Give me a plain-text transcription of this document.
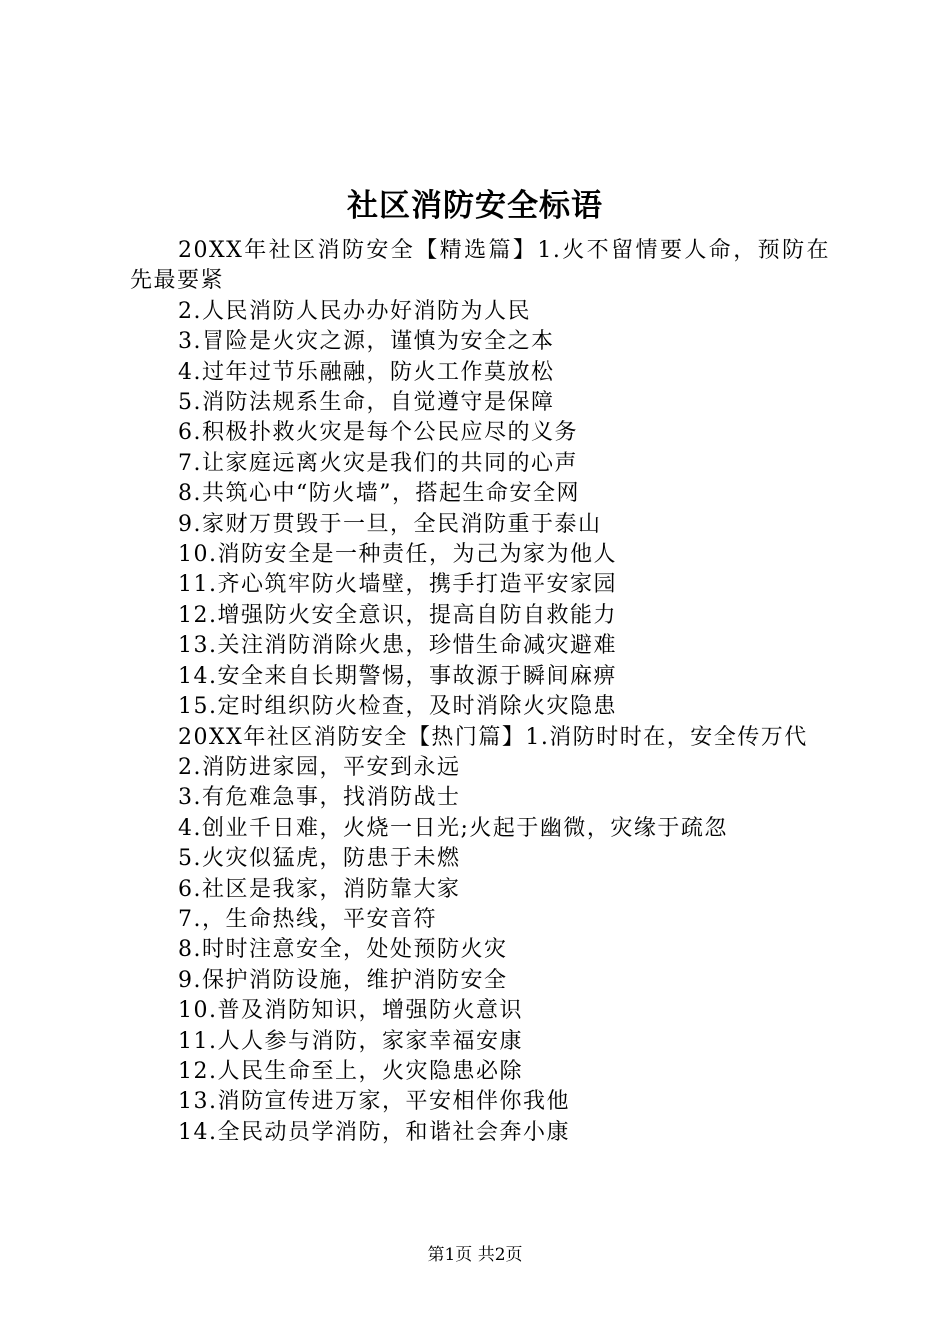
社区消防安全标语

20XX年社区消防安全【精选篇】1.火不留情要人命，预防在先最要紧

2.人民消防人民办办好消防为人民

3.冒险是火灾之源，谨慎为安全之本

4.过年过节乐融融，防火工作莫放松

5.消防法规系生命，自觉遵守是保障

6.积极扑救火灾是每个公民应尽的义务

7.让家庭远离火灾是我们的共同的心声

8.共筑心中“防火墙”，搭起生命安全网

9.家财万贯毁于一旦，全民消防重于泰山

10.消防安全是一种责任，为己为家为他人

11.齐心筑牢防火墙壁，携手打造平安家园

12.增强防火安全意识，提高自防自救能力

13.关注消防消除火患，珍惜生命减灾避难

14.安全来自长期警惕，事故源于瞬间麻痹

15.定时组织防火检查，及时消除火灾隐患

20XX年社区消防安全【热门篇】1.消防时时在，安全传万代

2.消防进家园，平安到永远

3.有危难急事，找消防战士

4.创业千日难，火烧一日光;火起于幽微，灾缘于疏忽

5.火灾似猛虎，防患于未燃

6.社区是我家，消防靠大家

7.，生命热线，平安音符

8.时时注意安全，处处预防火灾

9.保护消防设施，维护消防安全

10.普及消防知识，增强防火意识

11.人人参与消防，家家幸福安康

12.人民生命至上，火灾隐患必除

13.消防宣传进万家，平安相伴你我他

14.全民动员学消防，和谐社会奔小康

第1页 共2页
